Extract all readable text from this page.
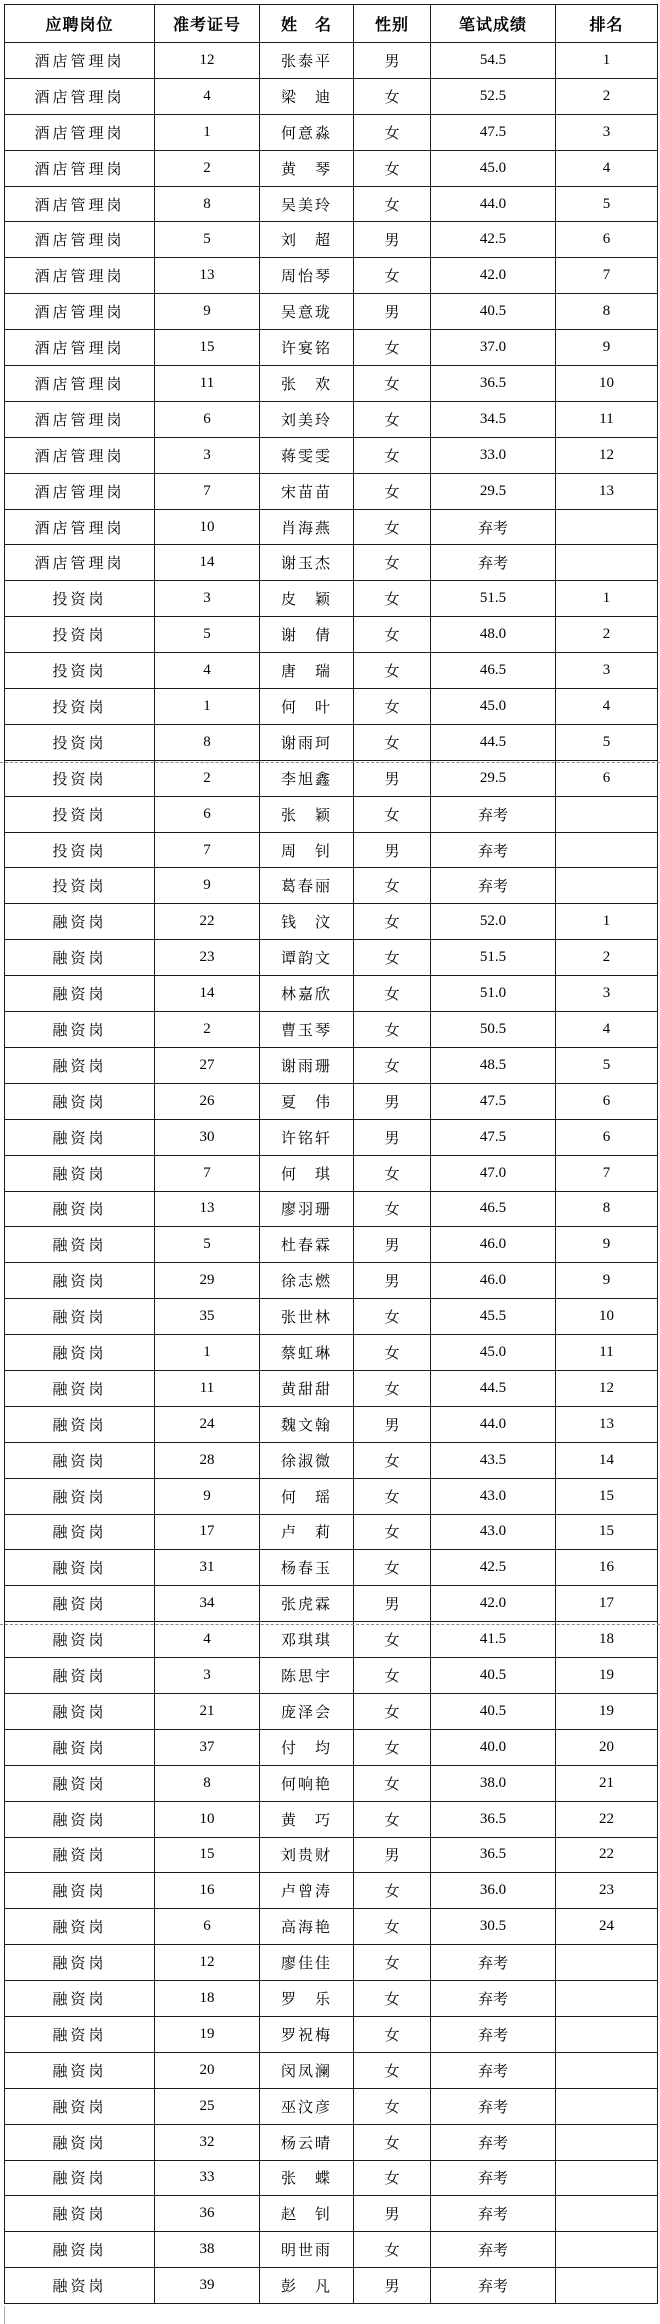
应聘岗位	准考证号	姓　名	性别	笔试成绩	排名
酒店管理岗	12	张泰平	男	54.5	1
酒店管理岗	4	梁　迪	女	52.5	2
酒店管理岗	1	何意淼	女	47.5	3
酒店管理岗	2	黄　琴	女	45.0	4
酒店管理岗	8	吴美玲	女	44.0	5
酒店管理岗	5	刘　超	男	42.5	6
酒店管理岗	13	周怡琴	女	42.0	7
酒店管理岗	9	吴意珑	男	40.5	8
酒店管理岗	15	许宴铭	女	37.0	9
酒店管理岗	11	张　欢	女	36.5	10
酒店管理岗	6	刘美玲	女	34.5	11
酒店管理岗	3	蒋雯雯	女	33.0	12
酒店管理岗	7	宋苗苗	女	29.5	13
酒店管理岗	10	肖海燕	女	弃考	
酒店管理岗	14	谢玉杰	女	弃考	
投资岗	3	皮　颖	女	51.5	1
投资岗	5	谢　倩	女	48.0	2
投资岗	4	唐　瑞	女	46.5	3
投资岗	1	何　叶	女	45.0	4
投资岗	8	谢雨珂	女	44.5	5
投资岗	2	李旭鑫	男	29.5	6
投资岗	6	张　颖	女	弃考	
投资岗	7	周　钊	男	弃考	
投资岗	9	葛春丽	女	弃考	
融资岗	22	钱　汶	女	52.0	1
融资岗	23	谭韵文	女	51.5	2
融资岗	14	林嘉欣	女	51.0	3
融资岗	2	曹玉琴	女	50.5	4
融资岗	27	谢雨珊	女	48.5	5
融资岗	26	夏　伟	男	47.5	6
融资岗	30	许铭轩	男	47.5	6
融资岗	7	何　琪	女	47.0	7
融资岗	13	廖羽珊	女	46.5	8
融资岗	5	杜春霖	男	46.0	9
融资岗	29	徐志燃	男	46.0	9
融资岗	35	张世林	女	45.5	10
融资岗	1	蔡虹琳	女	45.0	11
融资岗	11	黄甜甜	女	44.5	12
融资岗	24	魏文翰	男	44.0	13
融资岗	28	徐淑微	女	43.5	14
融资岗	9	何　瑶	女	43.0	15
融资岗	17	卢　莉	女	43.0	15
融资岗	31	杨春玉	女	42.5	16
融资岗	34	张虎霖	男	42.0	17
融资岗	4	邓琪琪	女	41.5	18
融资岗	3	陈思宇	女	40.5	19
融资岗	21	庞泽会	女	40.5	19
融资岗	37	付　均	女	40.0	20
融资岗	8	何响艳	女	38.0	21
融资岗	10	黄　巧	女	36.5	22
融资岗	15	刘贵财	男	36.5	22
融资岗	16	卢曾涛	女	36.0	23
融资岗	6	高海艳	女	30.5	24
融资岗	12	廖佳佳	女	弃考	
融资岗	18	罗　乐	女	弃考	
融资岗	19	罗祝梅	女	弃考	
融资岗	20	闵凤澜	女	弃考	
融资岗	25	巫汶彦	女	弃考	
融资岗	32	杨云晴	女	弃考	
融资岗	33	张　蝶	女	弃考	
融资岗	36	赵　钊	男	弃考	
融资岗	38	明世雨	女	弃考	
融资岗	39	彭　凡	男	弃考	
